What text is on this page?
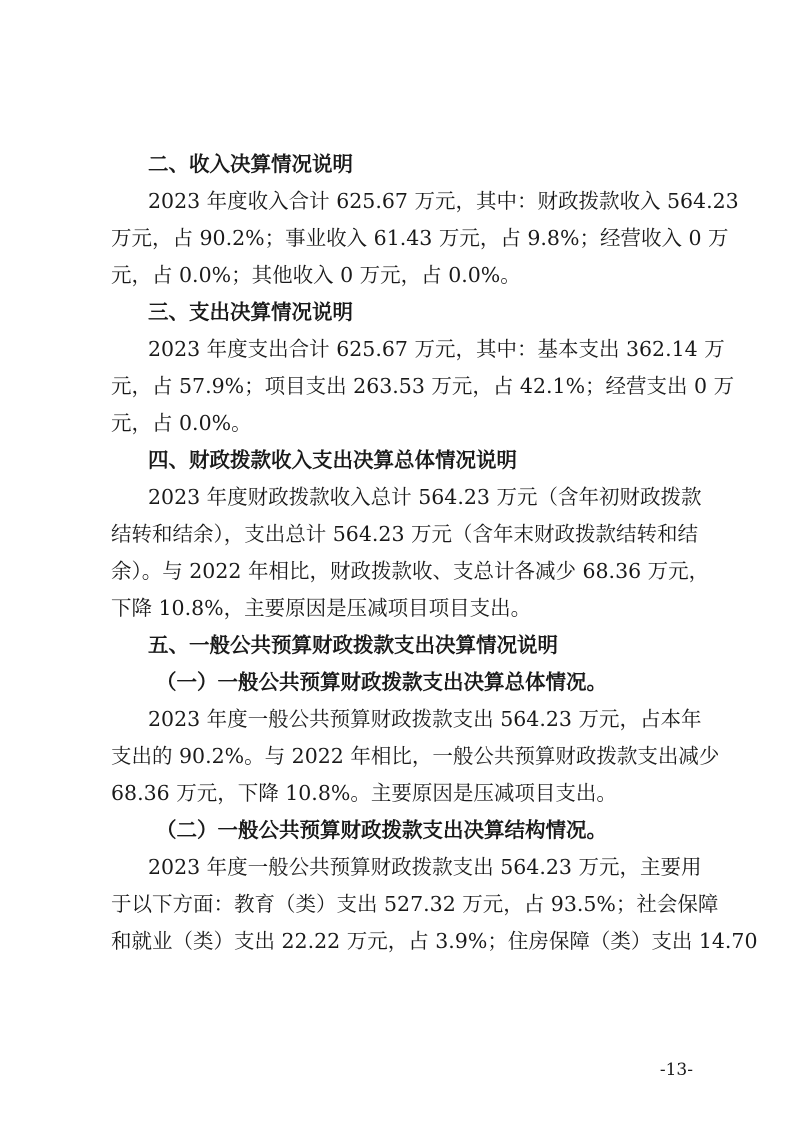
二、收入决算情况说明
2023 年度收入合计 625.67 万元，其中：财政拨款收入 564.23
万元，占 90.2%；事业收入 61.43 万元，占 9.8%；经营收入 0 万
元，占 0.0%；其他收入 0 万元，占 0.0%。
三、支出决算情况说明
2023 年度支出合计 625.67 万元，其中：基本支出 362.14 万
元，占 57.9%；项目支出 263.53 万元，占 42.1%；经营支出 0 万
元，占 0.0%。
四、财政拨款收入支出决算总体情况说明
2023 年度财政拨款收入总计 564.23 万元（含年初财政拨款
结转和结余），支出总计 564.23 万元（含年末财政拨款结转和结
余）。与 2022 年相比，财政拨款收、支总计各减少 68.36 万元，
下降 10.8%，主要原因是压减项目项目支出。
五、一般公共预算财政拨款支出决算情况说明
（一）一般公共预算财政拨款支出决算总体情况。
2023 年度一般公共预算财政拨款支出 564.23 万元，占本年
支出的 90.2%。与 2022 年相比，一般公共预算财政拨款支出减少
68.36 万元，下降 10.8%。主要原因是压减项目支出。
（二）一般公共预算财政拨款支出决算结构情况。
2023 年度一般公共预算财政拨款支出 564.23 万元，主要用
于以下方面：教育（类）支出 527.32 万元，占 93.5%；社会保障
和就业（类）支出 22.22 万元，占 3.9%；住房保障（类）支出 14.70
-13-
